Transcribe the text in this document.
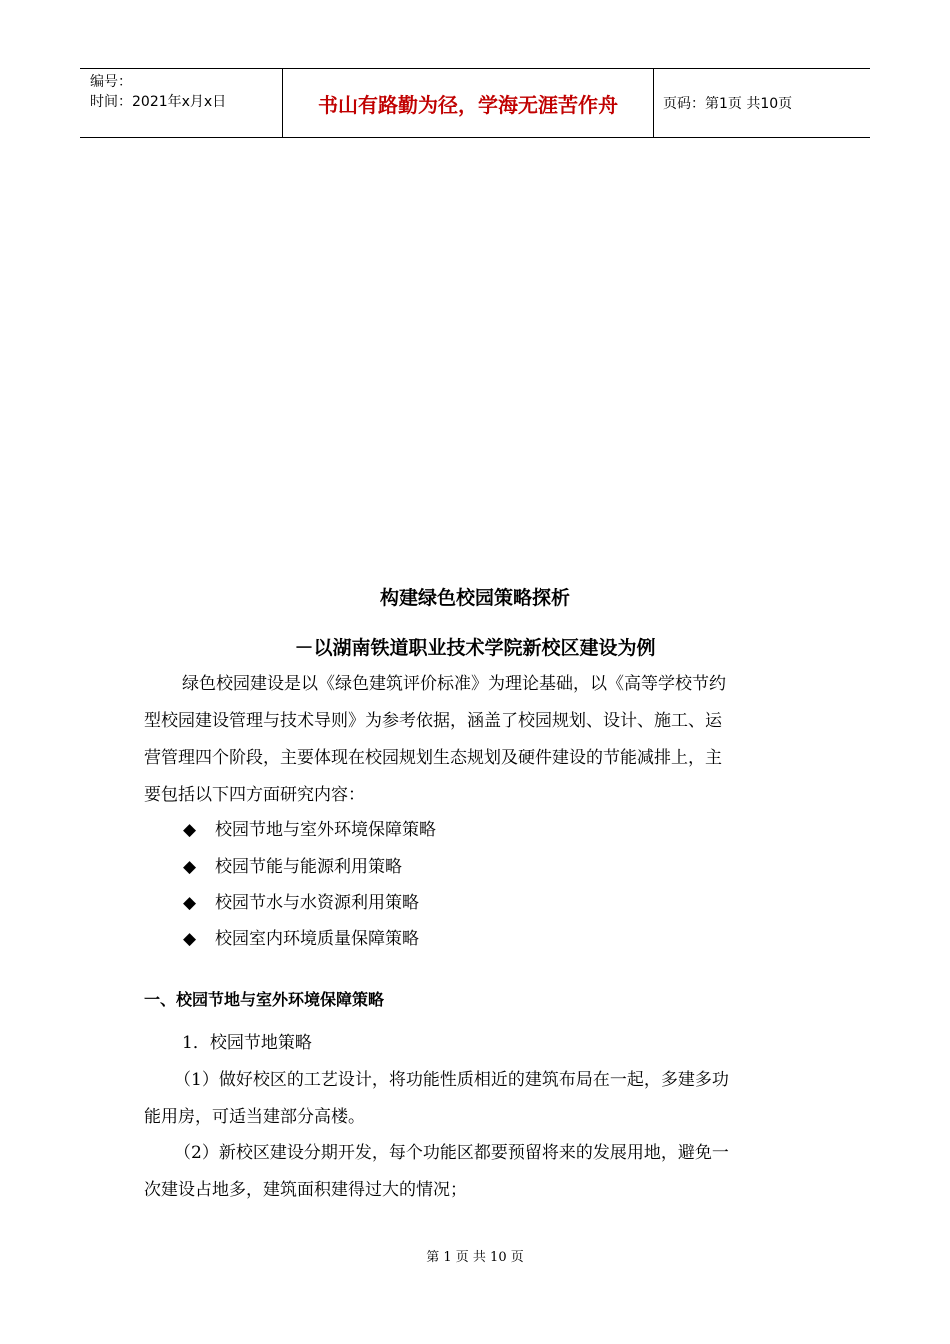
编号：
时间：2021年x月x日	书山有路勤为径，学海无涯苦作舟	页码：第1页 共10页
构建绿色校园策略探析
－以湖南铁道职业技术学院新校区建设为例
绿色校园建设是以《绿色建筑评价标准》为理论基础，以《高等学校节约
型校园建设管理与技术导则》为参考依据，涵盖了校园规划、设计、施工、运
营管理四个阶段，主要体现在校园规划生态规划及硬件建设的节能减排上，主
要包括以下四方面研究内容：
◆ 校园节地与室外环境保障策略
◆ 校园节能与能源利用策略
◆ 校园节水与水资源利用策略
◆ 校园室内环境质量保障策略
一、校园节地与室外环境保障策略
1．校园节地策略
（1）做好校区的工艺设计，将功能性质相近的建筑布局在一起，多建多功
能用房，可适当建部分高楼。
（2）新校区建设分期开发，每个功能区都要预留将来的发展用地，避免一
次建设占地多，建筑面积建得过大的情况；
第 1 页 共 10 页
